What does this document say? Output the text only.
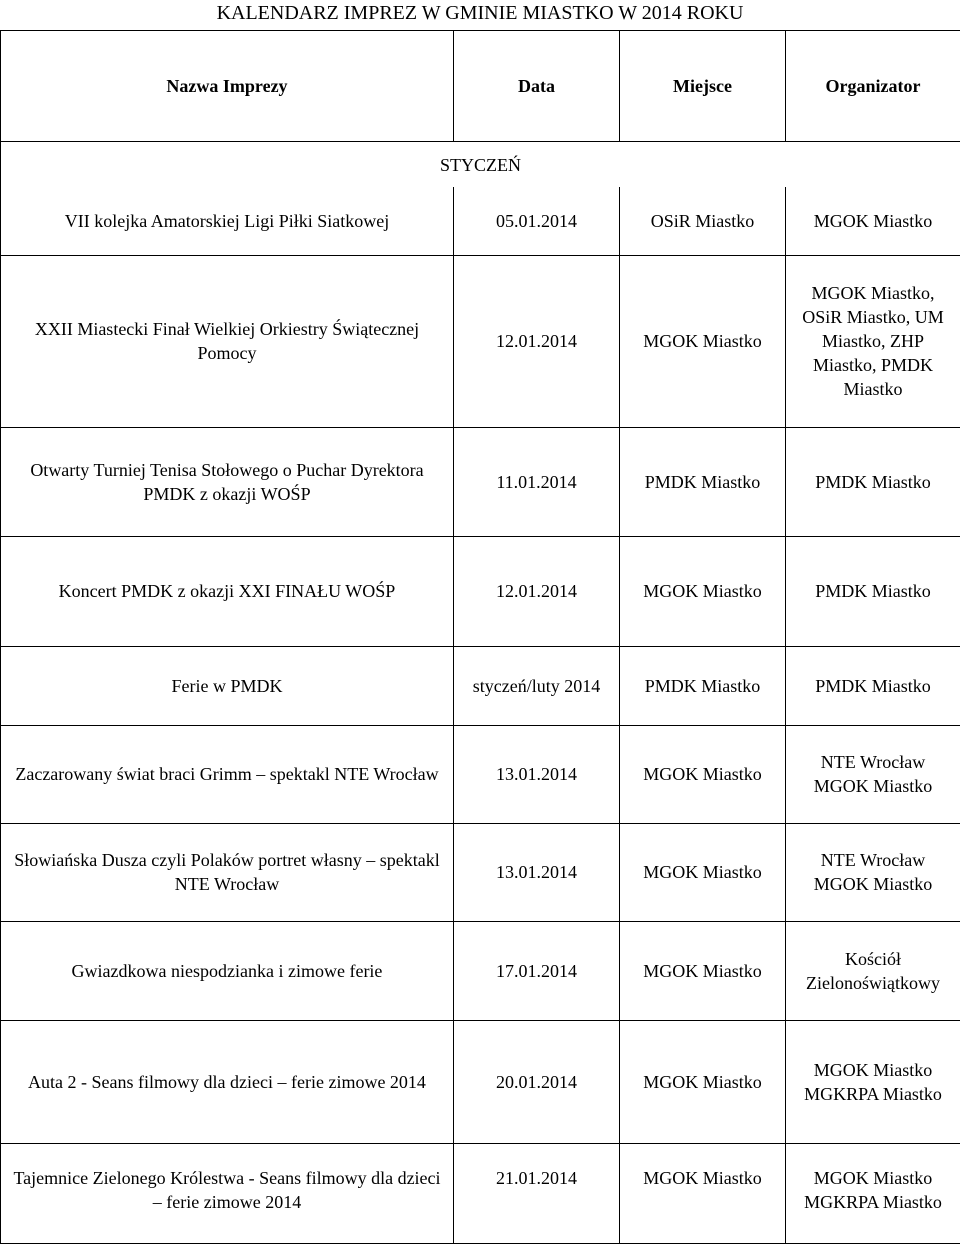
KALENDARZ IMPREZ W GMINIE MIASTKO W 2014 ROKU
Nazwa Imprezy	Data	Miejsce	Organizator
STYCZEŃ			
VII kolejka Amatorskiej Ligi Piłki Siatkowej	05.01.2014	OSiR Miastko	MGOK Miastko
XXII Miastecki Finał Wielkiej Orkiestry Świątecznej Pomocy	12.01.2014	MGOK Miastko	MGOK Miastko, OSiR Miastko, UM Miastko, ZHP Miastko, PMDK Miastko
Otwarty Turniej Tenisa Stołowego o Puchar Dyrektora PMDK z okazji WOŚP	11.01.2014	PMDK Miastko	PMDK Miastko
Koncert PMDK z okazji XXI FINAŁU WOŚP	12.01.2014	MGOK Miastko	PMDK Miastko
Ferie w PMDK	styczeń/luty 2014	PMDK Miastko	PMDK Miastko
Zaczarowany świat braci Grimm – spektakl NTE Wrocław	13.01.2014	MGOK Miastko	NTE Wrocław MGOK Miastko
Słowiańska Dusza czyli Polaków portret własny – spektakl NTE Wrocław	13.01.2014	MGOK Miastko	NTE Wrocław MGOK Miastko
Gwiazdkowa niespodzianka i zimowe ferie	17.01.2014	MGOK Miastko	Kościół Zielonoświątkowy
Auta 2 - Seans filmowy dla dzieci – ferie zimowe 2014	20.01.2014	MGOK Miastko	MGOK Miastko MGKRPA Miastko
Tajemnice Zielonego Królestwa - Seans filmowy dla dzieci – ferie zimowe 2014	21.01.2014	MGOK Miastko	MGOK Miastko MGKRPA Miastko
